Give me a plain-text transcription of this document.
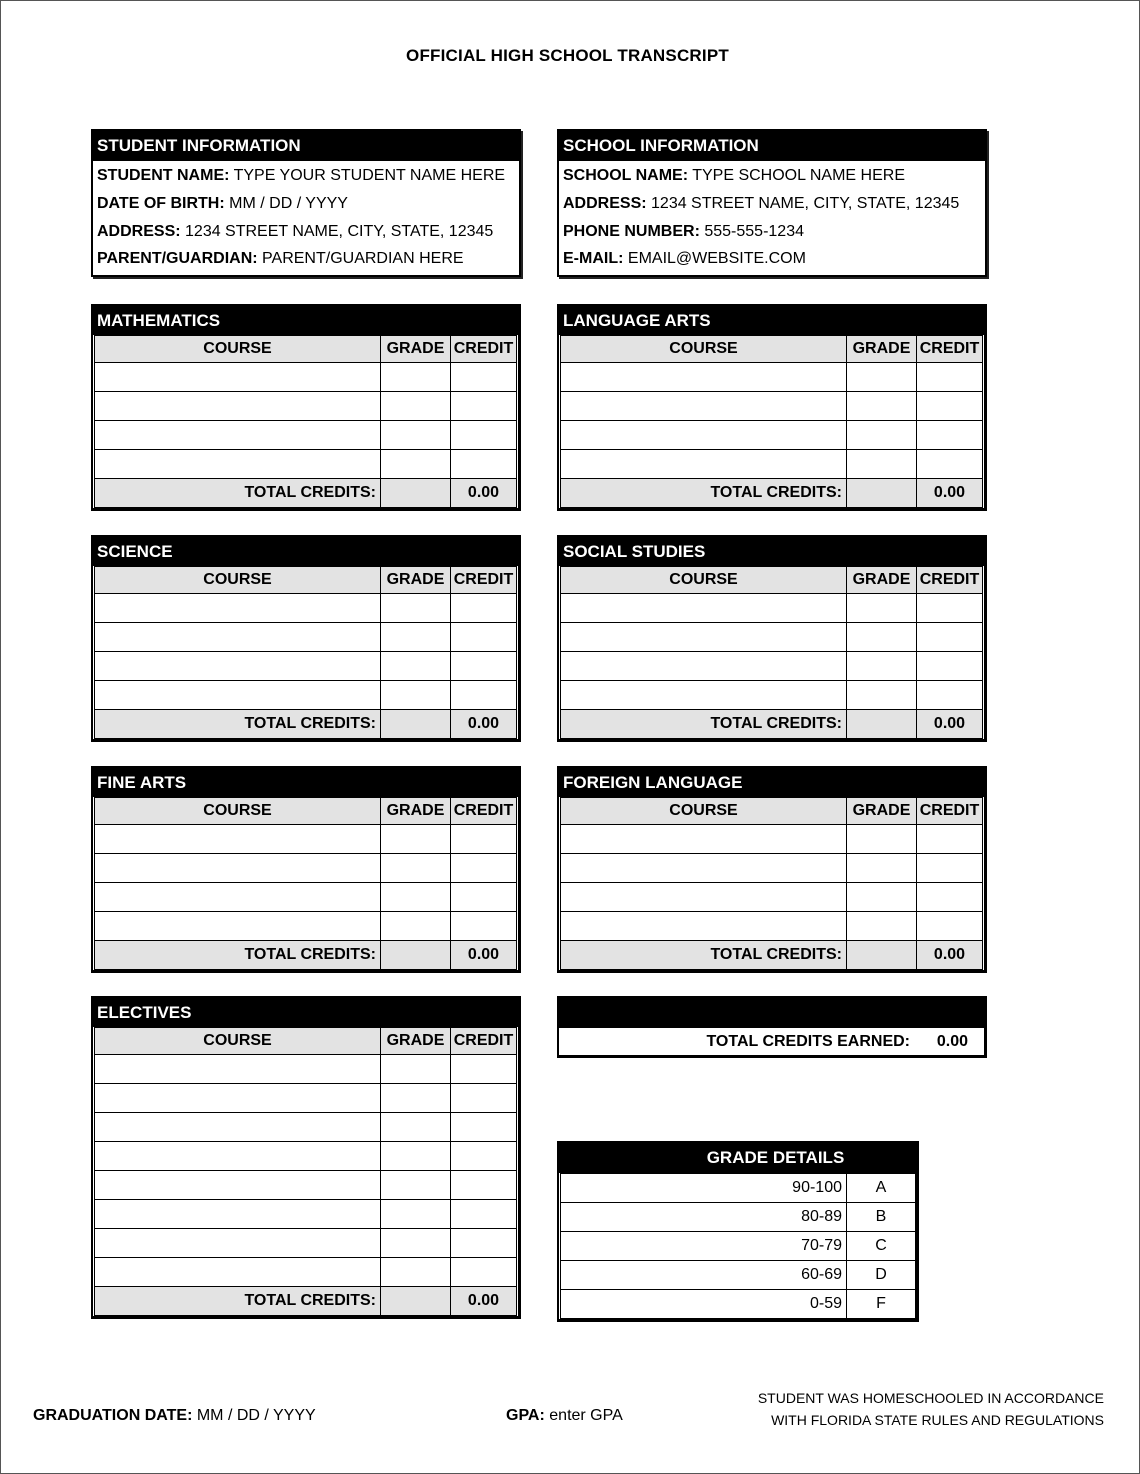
OFFICIAL HIGH SCHOOL TRANSCRIPT
STUDENT INFORMATION
STUDENT NAME: TYPE YOUR STUDENT NAME HERE
DATE OF BIRTH: MM / DD / YYYY
ADDRESS: 1234 STREET NAME, CITY, STATE, 12345
PARENT/GUARDIAN: PARENT/GUARDIAN HERE
SCHOOL INFORMATION
SCHOOL NAME: TYPE SCHOOL NAME HERE
ADDRESS: 1234 STREET NAME, CITY, STATE, 12345
PHONE NUMBER: 555-555-1234
E-MAIL: EMAIL@WEBSITE.COM
MATHEMATICS
COURSE	GRADE	CREDIT

TOTAL CREDITS:		0.00
LANGUAGE ARTS
COURSE	GRADE	CREDIT

TOTAL CREDITS:		0.00
SCIENCE
COURSE	GRADE	CREDIT

TOTAL CREDITS:		0.00
SOCIAL STUDIES
COURSE	GRADE	CREDIT

TOTAL CREDITS:		0.00
FINE ARTS
COURSE	GRADE	CREDIT

TOTAL CREDITS:		0.00
FOREIGN LANGUAGE
COURSE	GRADE	CREDIT

TOTAL CREDITS:		0.00
ELECTIVES
COURSE	GRADE	CREDIT

TOTAL CREDITS:		0.00
TOTAL CREDITS EARNED: 0.00
GRADE DETAILS
90-100	A
80-89	B
70-79	C
60-69	D
0-59	F
GRADUATION DATE: MM / DD / YYYY	GPA: enter GPA
STUDENT WAS HOMESCHOOLED IN ACCORDANCE
WITH FLORIDA STATE RULES AND REGULATIONS
